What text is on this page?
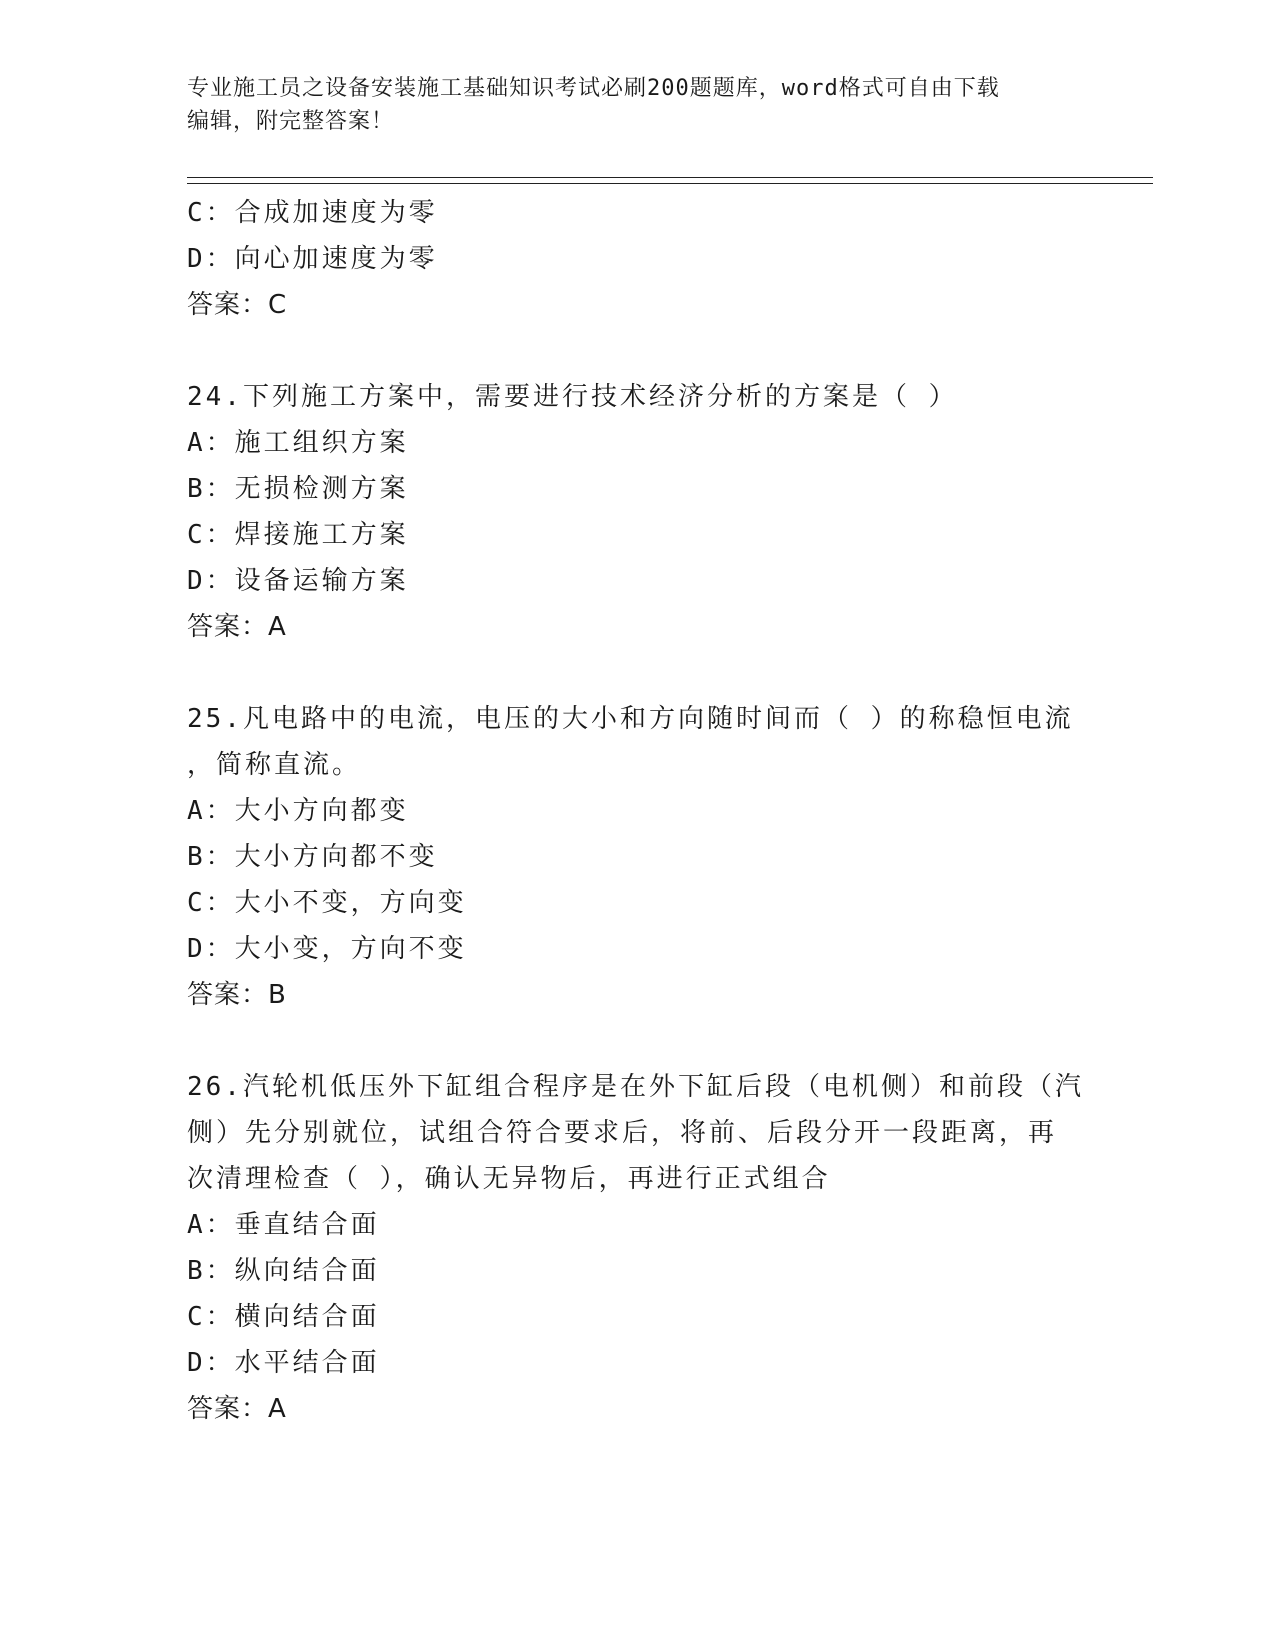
专业施工员之设备安装施工基础知识考试必刷200题题库，word格式可自由下载
编辑，附完整答案！
C：合成加速度为零
D：向心加速度为零
答案：C
24.下列施工方案中，需要进行技术经济分析的方案是（ ）
A：施工组织方案
B：无损检测方案
C：焊接施工方案
D：设备运输方案
答案：A
25.凡电路中的电流，电压的大小和方向随时间而（ ）的称稳恒电流
，简称直流。
A：大小方向都变
B：大小方向都不变
C：大小不变，方向变
D：大小变，方向不变
答案：B
26.汽轮机低压外下缸组合程序是在外下缸后段（电机侧）和前段（汽
侧）先分别就位，试组合符合要求后，将前、后段分开一段距离，再
次清理检查（ ），确认无异物后，再进行正式组合
A：垂直结合面
B：纵向结合面
C：横向结合面
D：水平结合面
答案：A
